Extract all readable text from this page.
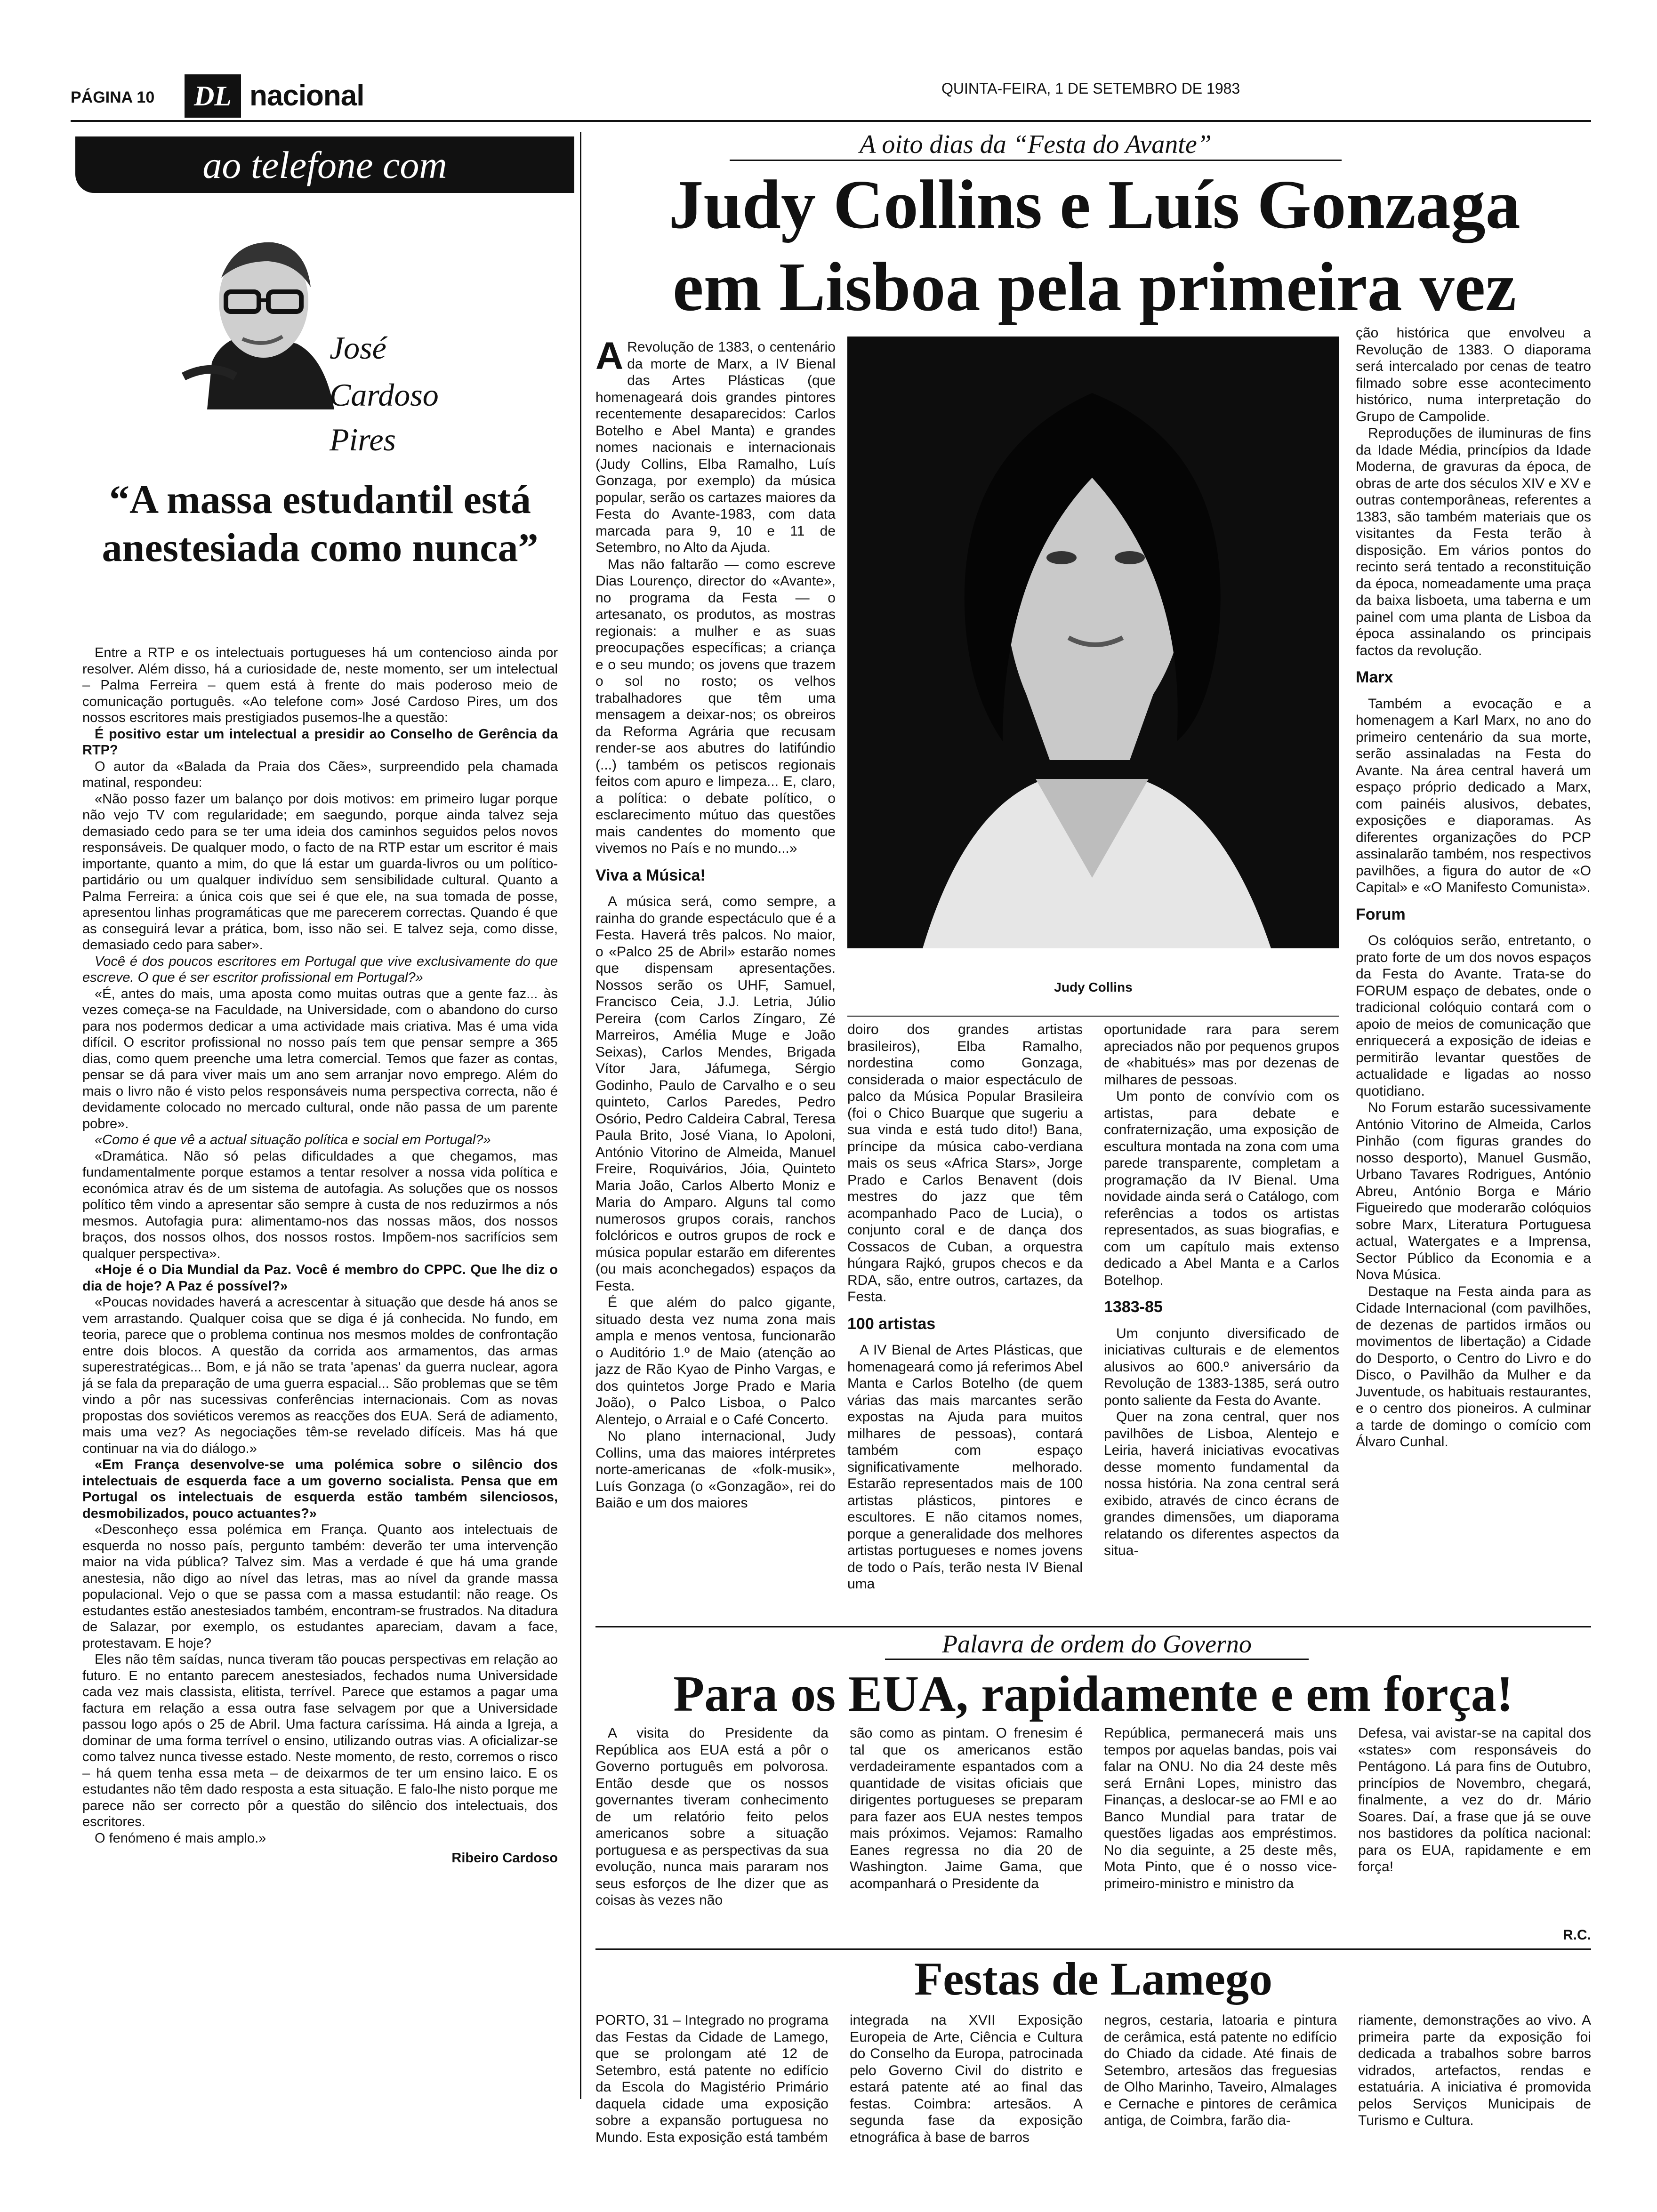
PÁGINA 10	DL nacional	QUINTA-FEIRA, 1 DE SETEMBRO DE 1983
ao telefone com
José
Cardoso
Pires
“A massa estudantil está anestesiada como nunca”

Entre a RTP e os intelectuais portugueses há um contencioso ainda por resolver. Além disso, há a curiosidade de, neste momento, ser um intelectual – Palma Ferreira – quem está à frente do mais poderoso meio de comunicação português. «Ao telefone com» José Cardoso Pires, um dos nossos escritores mais prestigiados pusemos-lhe a questão:

É positivo estar um intelectual a presidir ao Conselho de Gerência da RTP?

O autor da «Balada da Praia dos Cães», surpreendido pela chamada matinal, respondeu:

«Não posso fazer um balanço por dois motivos: em primeiro lugar porque não vejo TV com regularidade; em saegundo, porque ainda talvez seja demasiado cedo para se ter uma ideia dos caminhos seguidos pelos novos responsáveis. De qualquer modo, o facto de na RTP estar um escritor é mais importante, quanto a mim, do que lá estar um guarda-livros ou um político-partidário ou um qualquer indivíduo sem sensibilidade cultural. Quanto a Palma Ferreira: a única cois que sei é que ele, na sua tomada de posse, apresentou linhas programáticas que me parecerem correctas. Quando é que as conseguirá levar a prática, bom, isso não sei. E talvez seja, como disse, demasiado cedo para saber».

Você é dos poucos escritores em Portugal que vive exclusivamente do que escreve. O que é ser escritor profissional em Portugal?»

«É, antes do mais, uma aposta como muitas outras que a gente faz... às vezes começa-se na Faculdade, na Universidade, com o abandono do curso para nos podermos dedicar a uma actividade mais criativa. Mas é uma vida difícil. O escritor profissional no nosso país tem que pensar sempre a 365 dias, como quem preenche uma letra comercial. Temos que fazer as contas, pensar se dá para viver mais um ano sem arranjar novo emprego. Além do mais o livro não é visto pelos responsáveis numa perspectiva correcta, não é devidamente colocado no mercado cultural, onde não passa de um parente pobre».

«Como é que vê a actual situação política e social em Portugal?»

«Dramática. Não só pelas dificuldades a que chegamos, mas fundamentalmente porque estamos a tentar resolver a nossa vida política e económica atrav és de um sistema de autofagia. As soluções que os nossos político têm vindo a apresentar são sempre à custa de nos reduzirmos a nós mesmos. Autofagia pura: alimentamo-nos das nossas mãos, dos nossos braços, dos nossos olhos, dos nossos rostos. Impõem-nos sacrifícios sem qualquer perspectiva».

«Hoje é o Dia Mundial da Paz. Você é membro do CPPC. Que lhe diz o dia de hoje? A Paz é possível?»

«Poucas novidades haverá a acrescentar à situação que desde há anos se vem arrastando. Qualquer coisa que se diga é já conhecida. No fundo, em teoria, parece que o problema continua nos mesmos moldes de confrontação entre dois blocos. A questão da corrida aos armamentos, das armas superestratégicas... Bom, e já não se trata 'apenas' da guerra nuclear, agora já se fala da preparação de uma guerra espacial... São problemas que se têm vindo a pôr nas sucessivas conferências internacionais. Com as novas propostas dos soviéticos veremos as reacções dos EUA. Será de adiamento, mais uma vez? As negociações têm-se revelado difíceis. Mas há que continuar na via do diálogo.»

«Em França desenvolve-se uma polémica sobre o silêncio dos intelectuais de esquerda face a um governo socialista. Pensa que em Portugal os intelectuais de esquerda estão também silenciosos, desmobilizados, pouco actuantes?»

«Desconheço essa polémica em França. Quanto aos intelectuais de esquerda no nosso país, pergunto também: deverão ter uma intervenção maior na vida pública? Talvez sim. Mas a verdade é que há uma grande anestesia, não digo ao nível das letras, mas ao nível da grande massa populacional. Vejo o que se passa com a massa estudantil: não reage. Os estudantes estão anestesiados também, encontram-se frustrados. Na ditadura de Salazar, por exemplo, os estudantes apareciam, davam a face, protestavam. E hoje?

Eles não têm saídas, nunca tiveram tão poucas perspectivas em relação ao futuro. E no entanto parecem anestesiados, fechados numa Universidade cada vez mais classista, elitista, terrível. Parece que estamos a pagar uma factura em relação a essa outra fase selvagem por que a Universidade passou logo após o 25 de Abril. Uma factura caríssima. Há ainda a Igreja, a dominar de uma forma terrível o ensino, utilizando outras vias. A oficializar-se como talvez nunca tivesse estado. Neste momento, de resto, corremos o risco – há quem tenha essa meta – de deixarmos de ter um ensino laico. E os estudantes não têm dado resposta a esta situação. E falo-lhe nisto porque me parece não ser correcto pôr a questão do silêncio dos intelectuais, dos escritores.

O fenómeno é mais amplo.»

Ribeiro Cardoso
A oito dias da “Festa do Avante”
Judy Collins e Luís Gonzaga
em Lisboa pela primeira vez
Judy Collins

A Revolução de 1383, o centenário da morte de Marx, a IV Bienal das Artes Plásticas (que homenageará dois grandes pintores recentemente desaparecidos: Carlos Botelho e Abel Manta) e grandes nomes nacionais e internacionais (Judy Collins, Elba Ramalho, Luís Gonzaga, por exemplo) da música popular, serão os cartazes maiores da Festa do Avante-1983, com data marcada para 9, 10 e 11 de Setembro, no Alto da Ajuda.

Mas não faltarão — como escreve Dias Lourenço, director do «Avante», no programa da Festa — o artesanato, os produtos, as mostras regionais: a mulher e as suas preocupações específicas; a criança e o seu mundo; os jovens que trazem o sol no rosto; os velhos trabalhadores que têm uma mensagem a deixar-nos; os obreiros da Reforma Agrária que recusam render-se aos abutres do latifúndio (...) também os petiscos regionais feitos com apuro e limpeza... E, claro, a política: o debate político, o esclarecimento mútuo das questões mais candentes do momento que vivemos no País e no mundo...»

Viva a Música!

A música será, como sempre, a rainha do grande espectáculo que é a Festa. Haverá três palcos. No maior, o «Palco 25 de Abril» estarão nomes que dispensam apresentações. Nossos serão os UHF, Samuel, Francisco Ceia, J.J. Letria, Júlio Pereira (com Carlos Zíngaro, Zé Marreiros, Amélia Muge e João Seixas), Carlos Mendes, Brigada Vítor Jara, Jáfumega, Sérgio Godinho, Paulo de Carvalho e o seu quinteto, Carlos Paredes, Pedro Osório, Pedro Caldeira Cabral, Teresa Paula Brito, José Viana, Io Apoloni, António Vitorino de Almeida, Manuel Freire, Roquivários, Jóia, Quinteto Maria João, Carlos Alberto Moniz e Maria do Amparo. Alguns tal como numerosos grupos corais, ranchos folclóricos e outros grupos de rock e música popular estarão em diferentes (ou mais aconchegados) espaços da Festa.

É que além do palco gigante, situado desta vez numa zona mais ampla e menos ventosa, funcionarão o Auditório 1.º de Maio (atenção ao jazz de Rão Kyao de Pinho Vargas, e dos quintetos Jorge Prado e Maria João), o Palco Lisboa, o Palco Alentejo, o Arraial e o Café Concerto.

No plano internacional, Judy Collins, uma das maiores intérpretes norte-americanas de «folk-musik», Luís Gonzaga (o «Gonzagão», rei do Baião e um dos maiores

doiro dos grandes artistas brasileiros), Elba Ramalho, nordestina como Gonzaga, considerada o maior espectáculo de palco da Música Popular Brasileira (foi o Chico Buarque que sugeriu a sua vinda e está tudo dito!) Bana, príncipe da música cabo-verdiana mais os seus «Africa Stars», Jorge Prado e Carlos Benavent (dois mestres do jazz que têm acompanhado Paco de Lucia), o conjunto coral e de dança dos Cossacos de Cuban, a orquestra húngara Rajkó, grupos checos e da RDA, são, entre outros, cartazes, da Festa.

100 artistas

A IV Bienal de Artes Plásticas, que homenageará como já referimos Abel Manta e Carlos Botelho (de quem várias das mais marcantes serão expostas na Ajuda para muitos milhares de pessoas), contará também com espaço significativamente melhorado. Estarão representados mais de 100 artistas plásticos, pintores e escultores. E não citamos nomes, porque a generalidade dos melhores artistas portugueses e nomes jovens de todo o País, terão nesta IV Bienal uma

oportunidade rara para serem apreciados não por pequenos grupos de «habitués» mas por dezenas de milhares de pessoas.

Um ponto de convívio com os artistas, para debate e confraternização, uma exposição de escultura montada na zona com uma parede transparente, completam a programação da IV Bienal. Uma novidade ainda será o Catálogo, com referências a todos os artistas representados, as suas biografias, e com um capítulo mais extenso dedicado a Abel Manta e a Carlos Botelhop.

1383-85

Um conjunto diversificado de iniciativas culturais e de elementos alusivos ao 600.º aniversário da Revolução de 1383-1385, será outro ponto saliente da Festa do Avante.

Quer na zona central, quer nos pavilhões de Lisboa, Alentejo e Leiria, haverá iniciativas evocativas desse momento fundamental da nossa história. Na zona central será exibido, através de cinco écrans de grandes dimensões, um diaporama relatando os diferentes aspectos da situa-

ção histórica que envolveu a Revolução de 1383. O diaporama será intercalado por cenas de teatro filmado sobre esse acontecimento histórico, numa interpretação do Grupo de Campolide.

Reproduções de iluminuras de fins da Idade Média, princípios da Idade Moderna, de gravuras da época, de obras de arte dos séculos XIV e XV e outras contemporâneas, referentes a 1383, são também materiais que os visitantes da Festa terão à disposição. Em vários pontos do recinto será tentado a reconstituição da época, nomeadamente uma praça da baixa lisboeta, uma taberna e um painel com uma planta de Lisboa da época assinalando os principais factos da revolução.

Marx

Também a evocação e a homenagem a Karl Marx, no ano do primeiro centenário da sua morte, serão assinaladas na Festa do Avante. Na área central haverá um espaço próprio dedicado a Marx, com painéis alusivos, debates, exposições e diaporamas. As diferentes organizações do PCP assinalarão também, nos respectivos pavilhões, a figura do autor de «O Capital» e «O Manifesto Comunista».

Forum

Os colóquios serão, entretanto, o prato forte de um dos novos espaços da Festa do Avante. Trata-se do FORUM espaço de debates, onde o tradicional colóquio contará com o apoio de meios de comunicação que enriquecerá a exposição de ideias e permitirão levantar questões de actualidade e ligadas ao nosso quotidiano.

No Forum estarão sucessivamente António Vitorino de Almeida, Carlos Pinhão (com figuras grandes do nosso desporto), Manuel Gusmão, Urbano Tavares Rodrigues, António Abreu, António Borga e Mário Figueiredo que moderarão colóquios sobre Marx, Literatura Portuguesa actual, Watergates e a Imprensa, Sector Público da Economia e a Nova Música.

Destaque na Festa ainda para as Cidade Internacional (com pavilhões, de dezenas de partidos irmãos ou movimentos de libertação) a Cidade do Desporto, o Centro do Livro e do Disco, o Pavilhão da Mulher e da Juventude, os habituais restaurantes, e o centro dos pioneiros. A culminar a tarde de domingo o comício com Álvaro Cunhal.

Palavra de ordem do Governo
Para os EUA, rapidamente e em força!
A visita do Presidente da República aos EUA está a pôr o Governo português em polvorosa. Então desde que os nossos governantes tiveram conhecimento de um relatório feito pelos americanos sobre a situação portuguesa e as perspectivas da sua evolução, nunca mais pararam nos seus esforços de lhe dizer que as coisas às vezes não
são como as pintam. O frenesim é tal que os americanos estão verdadeiramente espantados com a quantidade de visitas oficiais que dirigentes portugueses se preparam para fazer aos EUA nestes tempos mais próximos. Vejamos: Ramalho Eanes regressa no dia 20 de Washington. Jaime Gama, que acompanhará o Presidente da
República, permanecerá mais uns tempos por aquelas bandas, pois vai falar na ONU. No dia 24 deste mês será Ernâni Lopes, ministro das Finanças, a deslocar-se ao FMI e ao Banco Mundial para tratar de questões ligadas aos empréstimos. No dia seguinte, a 25 deste mês, Mota Pinto, que é o nosso vice-primeiro-ministro e ministro da
Defesa, vai avistar-se na capital dos «states» com responsáveis do Pentágono. Lá para fins de Outubro, princípios de Novembro, chegará, finalmente, a vez do dr. Mário Soares. Daí, a frase que já se ouve nos bastidores da política nacional: para os EUA, rapidamente e em força!
R.C.
Festas de Lamego
PORTO, 31 – Integrado no programa das Festas da Cidade de Lamego, que se prolongam até 12 de Setembro, está patente no edifício da Escola do Magistério Primário daquela cidade uma exposição sobre a expansão portuguesa no Mundo. Esta exposição está também
integrada na XVII Exposição Europeia de Arte, Ciência e Cultura do Conselho da Europa, patrocinada pelo Governo Civil do distrito e estará patente até ao final das festas. Coimbra: artesãos. A segunda fase da exposição etnográfica à base de barros
negros, cestaria, latoaria e pintura de cerâmica, está patente no edifício do Chiado da cidade. Até finais de Setembro, artesãos das freguesias de Olho Marinho, Taveiro, Almalages e Cernache e pintores de cerâmica antiga, de Coimbra, farão dia-
riamente, demonstrações ao vivo. A primeira parte da exposição foi dedicada a trabalhos sobre barros vidrados, artefactos, rendas e estatuária. A iniciativa é promovida pelos Serviços Municipais de Turismo e Cultura.
